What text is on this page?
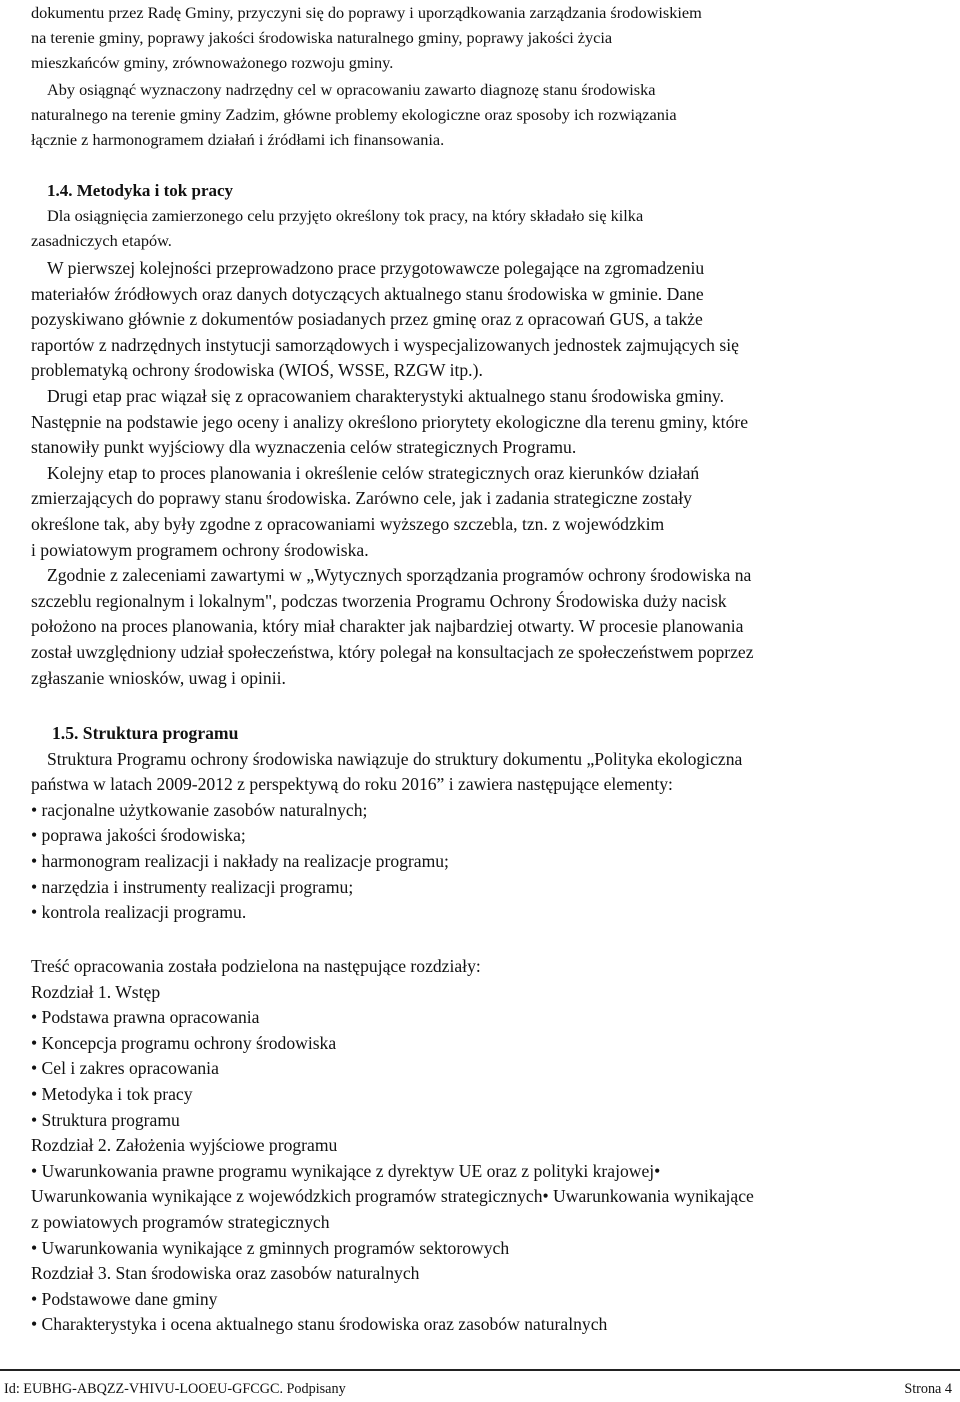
dokumentu przez Radę Gminy, przyczyni się do poprawy i uporządkowania zarządzania środowiskiem

na terenie gminy, poprawy jakości środowiska naturalnego gminy, poprawy jakości życia

mieszkańców gminy, zrównoważonego rozwoju gminy.

Aby osiągnąć wyznaczony nadrzędny cel w opracowaniu zawarto diagnozę stanu środowiska

naturalnego na terenie gminy Zadzim, główne problemy ekologiczne oraz sposoby ich rozwiązania

łącznie z harmonogramem działań i źródłami ich finansowania.

1.4. Metodyka i tok pracy

Dla osiągnięcia zamierzonego celu przyjęto określony tok pracy, na który składało się kilka

zasadniczych etapów.

W pierwszej kolejności przeprowadzono prace przygotowawcze polegające na zgromadzeniu

materiałów źródłowych oraz danych dotyczących aktualnego stanu środowiska w gminie. Dane

pozyskiwano głównie z dokumentów posiadanych przez gminę oraz z opracowań GUS, a także

raportów z nadrzędnych instytucji samorządowych i wyspecjalizowanych jednostek zajmujących się

problematyką ochrony środowiska (WIOŚ, WSSE, RZGW itp.).

Drugi etap prac wiązał się z opracowaniem charakterystyki aktualnego stanu środowiska gminy.

Następnie na podstawie jego oceny i analizy określono priorytety ekologiczne dla terenu gminy, które

stanowiły punkt wyjściowy dla wyznaczenia celów strategicznych Programu.

Kolejny etap to proces planowania i określenie celów strategicznych oraz kierunków działań

zmierzających do poprawy stanu środowiska. Zarówno cele, jak i zadania strategiczne zostały

określone tak, aby były zgodne z opracowaniami wyższego szczebla, tzn. z wojewódzkim

i powiatowym programem ochrony środowiska.

Zgodnie z zaleceniami zawartymi w „Wytycznych sporządzania programów ochrony środowiska na

szczeblu regionalnym i lokalnym", podczas tworzenia Programu Ochrony Środowiska duży nacisk

położono na proces planowania, który miał charakter jak najbardziej otwarty. W procesie planowania

został uwzględniony udział społeczeństwa, który polegał na konsultacjach ze społeczeństwem poprzez

zgłaszanie wniosków, uwag i opinii.

1.5. Struktura programu

Struktura Programu ochrony środowiska nawiązuje do struktury dokumentu „Polityka ekologiczna

państwa w latach 2009-2012 z perspektywą do roku 2016” i zawiera następujące elementy:

• racjonalne użytkowanie zasobów naturalnych;

• poprawa jakości środowiska;

• harmonogram realizacji i nakłady na realizacje programu;

• narzędzia i instrumenty realizacji programu;

• kontrola realizacji programu.

Treść opracowania została podzielona na następujące rozdziały:

Rozdział 1. Wstęp

• Podstawa prawna opracowania

• Koncepcja programu ochrony środowiska

• Cel i zakres opracowania

• Metodyka i tok pracy

• Struktura programu

Rozdział 2. Założenia wyjściowe programu

• Uwarunkowania prawne programu wynikające z dyrektyw UE oraz z polityki krajowej•

Uwarunkowania wynikające z wojewódzkich programów strategicznych• Uwarunkowania wynikające

z powiatowych programów strategicznych

• Uwarunkowania wynikające z gminnych programów sektorowych

Rozdział 3. Stan środowiska oraz zasobów naturalnych

• Podstawowe dane gminy

• Charakterystyka i ocena aktualnego stanu środowiska oraz zasobów naturalnych

Id: EUBHG-ABQZZ-VHIVU-LOOEU-GFCGC. Podpisany	Strona 4
